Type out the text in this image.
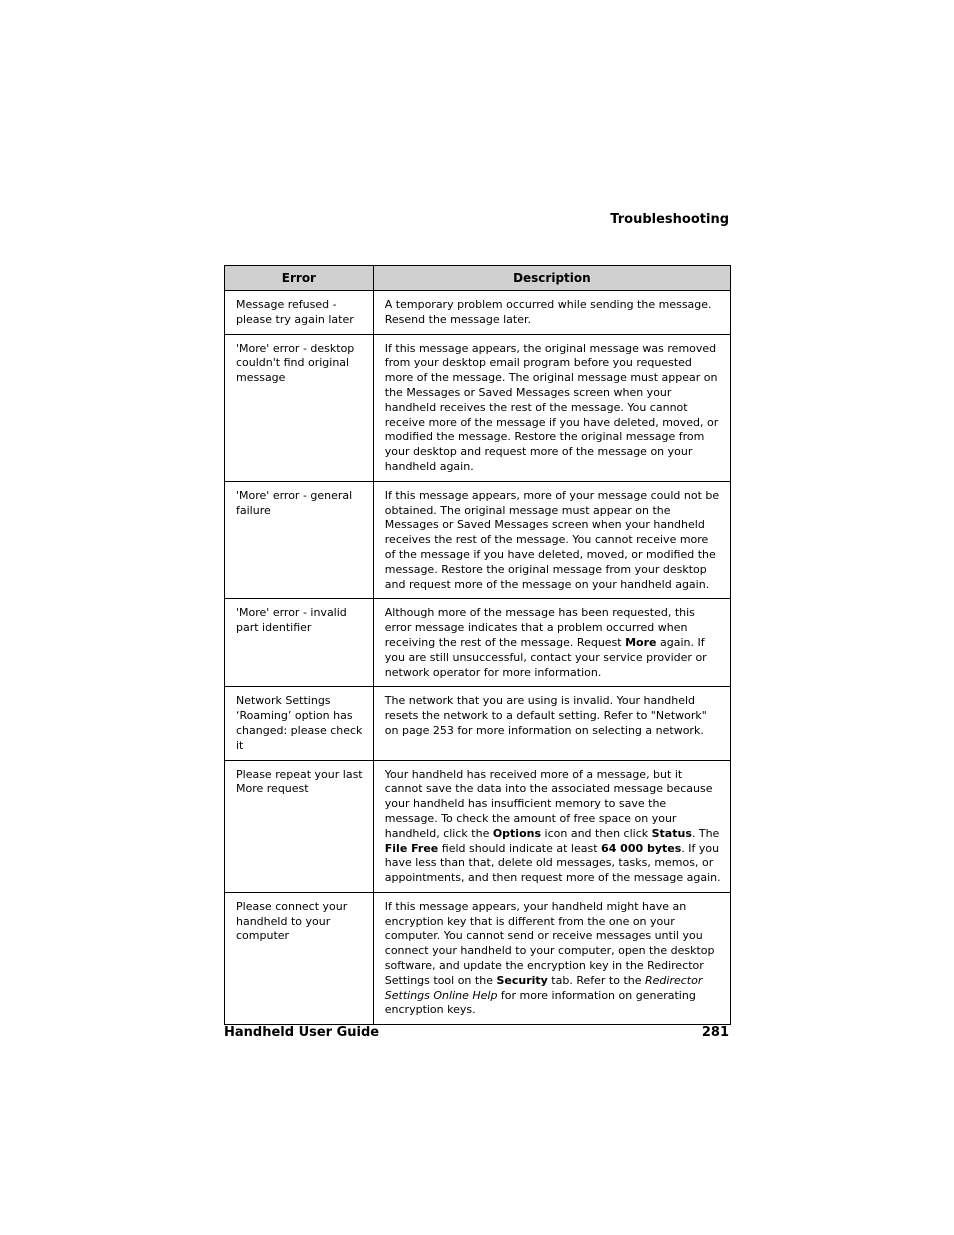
Troubleshooting
Error	Description
Message refused - please try again later	A temporary problem occurred while sending the message. Resend the message later.
'More' error - desktop couldn't find original message	If this message appears, the original message was removed from your desktop email program before you requested more of the message. The original message must appear on the Messages or Saved Messages screen when your handheld receives the rest of the message. You cannot receive more of the message if you have deleted, moved, or modified the message. Restore the original message from your desktop and request more of the message on your handheld again.
'More' error - general failure	If this message appears, more of your message could not be obtained. The original message must appear on the Messages or Saved Messages screen when your handheld receives the rest of the message. You cannot receive more of the message if you have deleted, moved, or modified the message. Restore the original message from your desktop and request more of the message on your handheld again.
'More' error - invalid part identifier	Although more of the message has been requested, this error message indicates that a problem occurred when receiving the rest of the message. Request More again. If you are still unsuccessful, contact your service provider or network operator for more information.
Network Settings ‘Roaming’ option has changed: please check it	The network that you are using is invalid. Your handheld resets the network to a default setting. Refer to "Network" on page 253 for more information on selecting a network.
Please repeat your last More request	Your handheld has received more of a message, but it cannot save the data into the associated message because your handheld has insufficient memory to save the message. To check the amount of free space on your handheld, click the Options icon and then click Status. The File Free field should indicate at least 64 000 bytes. If you have less than that, delete old messages, tasks, memos, or appointments, and then request more of the message again.
Please connect your handheld to your computer	If this message appears, your handheld might have an encryption key that is different from the one on your computer. You cannot send or receive messages until you connect your handheld to your computer, open the desktop software, and update the encryption key in the Redirector Settings tool on the Security tab. Refer to the Redirector Settings Online Help for more information on generating encryption keys.
Handheld User Guide	281
